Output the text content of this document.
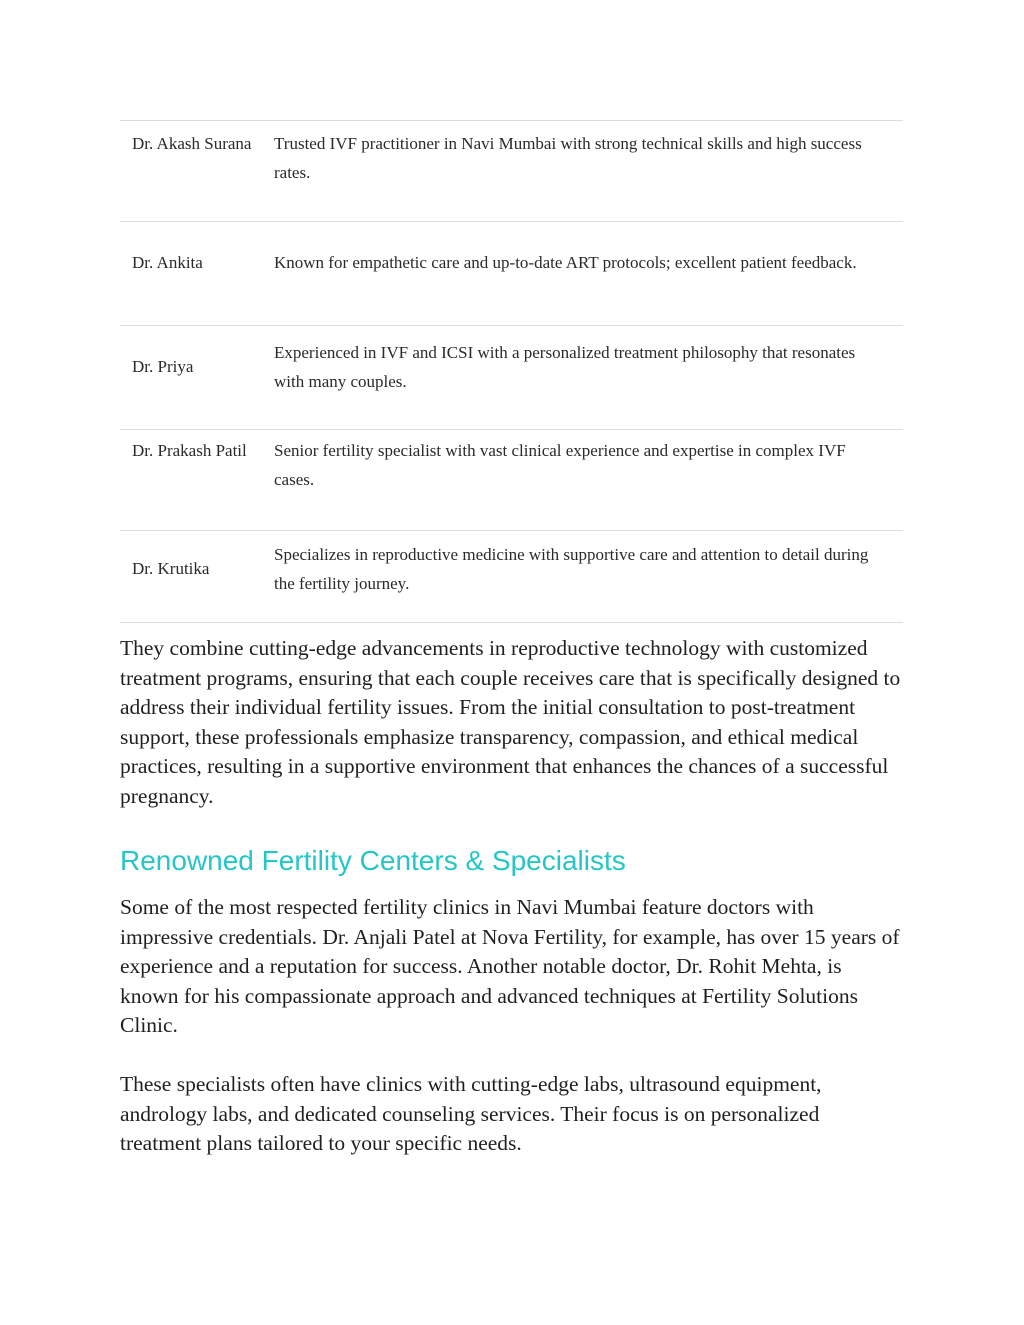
Dr. Akash Surana	Trusted IVF practitioner in Navi Mumbai with strong technical skills and high success rates.

Dr. Ankita	Known for empathetic care and up-to-date ART protocols; excellent patient feedback.

Dr. Priya	Experienced in IVF and ICSI with a personalized treatment philosophy that resonates with many couples.

Dr. Prakash Patil	Senior fertility specialist with vast clinical experience and expertise in complex IVF cases.

Dr. Krutika	Specializes in reproductive medicine with supportive care and attention to detail during the fertility journey.

They combine cutting-edge advancements in reproductive technology with customized treatment programs, ensuring that each couple receives care that is specifically designed to address their individual fertility issues. From the initial consultation to post-treatment support, these professionals emphasize transparency, compassion, and ethical medical practices, resulting in a supportive environment that enhances the chances of a successful pregnancy.

Renowned Fertility Centers & Specialists

Some of the most respected fertility clinics in Navi Mumbai feature doctors with impressive credentials. Dr. Anjali Patel at Nova Fertility, for example, has over 15 years of experience and a reputation for success. Another notable doctor, Dr. Rohit Mehta, is known for his compassionate approach and advanced techniques at Fertility Solutions Clinic.

These specialists often have clinics with cutting-edge labs, ultrasound equipment, andrology labs, and dedicated counseling services. Their focus is on personalized treatment plans tailored to your specific needs.
